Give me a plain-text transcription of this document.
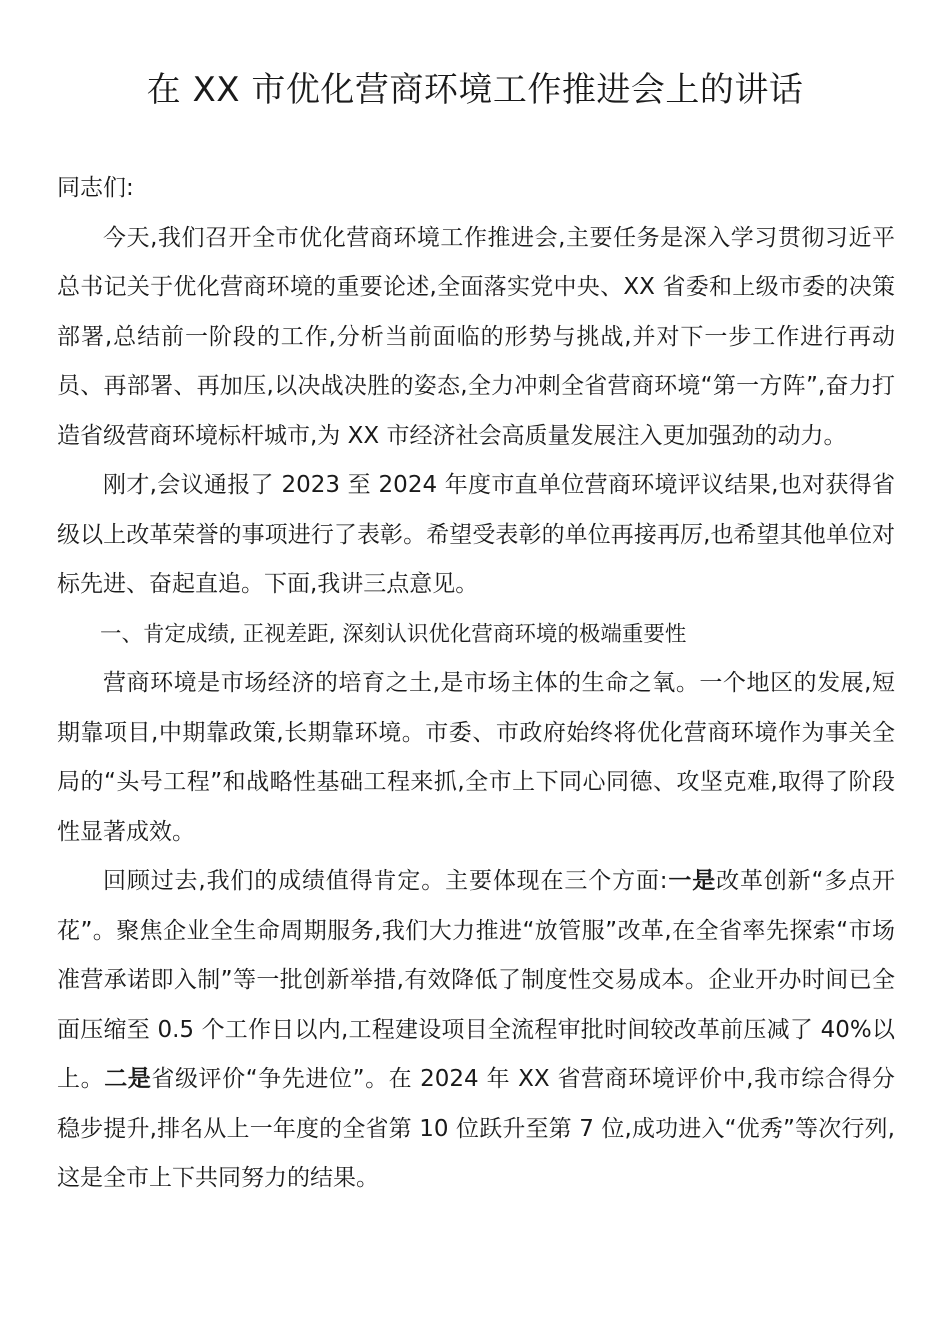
在 XX 市优化营商环境工作推进会上的讲话

同志们:

今天,我们召开全市优化营商环境工作推进会,主要任务是深入学习贯彻习近平总书记关于优化营商环境的重要论述,全面落实党中央、XX 省委和上级市委的决策部署,总结前一阶段的工作,分析当前面临的形势与挑战,并对下一步工作进行再动员、再部署、再加压,以决战决胜的姿态,全力冲刺全省营商环境“第一方阵”,奋力打造省级营商环境标杆城市,为 XX 市经济社会高质量发展注入更加强劲的动力。

刚才,会议通报了 2023 至 2024 年度市直单位营商环境评议结果,也对获得省级以上改革荣誉的事项进行了表彰。希望受表彰的单位再接再厉,也希望其他单位对标先进、奋起直追。下面,我讲三点意见。

一、肯定成绩, 正视差距, 深刻认识优化营商环境的极端重要性

营商环境是市场经济的培育之土,是市场主体的生命之氧。一个地区的发展,短期靠项目,中期靠政策,长期靠环境。市委、市政府始终将优化营商环境作为事关全局的“头号工程”和战略性基础工程来抓,全市上下同心同德、攻坚克难,取得了阶段性显著成效。

回顾过去,我们的成绩值得肯定。主要体现在三个方面:一是改革创新“多点开花”。聚焦企业全生命周期服务,我们大力推进“放管服”改革,在全省率先探索“市场准营承诺即入制”等一批创新举措,有效降低了制度性交易成本。企业开办时间已全面压缩至 0.5 个工作日以内,工程建设项目全流程审批时间较改革前压减了 40%以上。二是省级评价“争先进位”。在 2024 年 XX 省营商环境评价中,我市综合得分稳步提升,排名从上一年度的全省第 10 位跃升至第 7 位,成功进入“优秀”等次行列,这是全市上下共同努力的结果。
